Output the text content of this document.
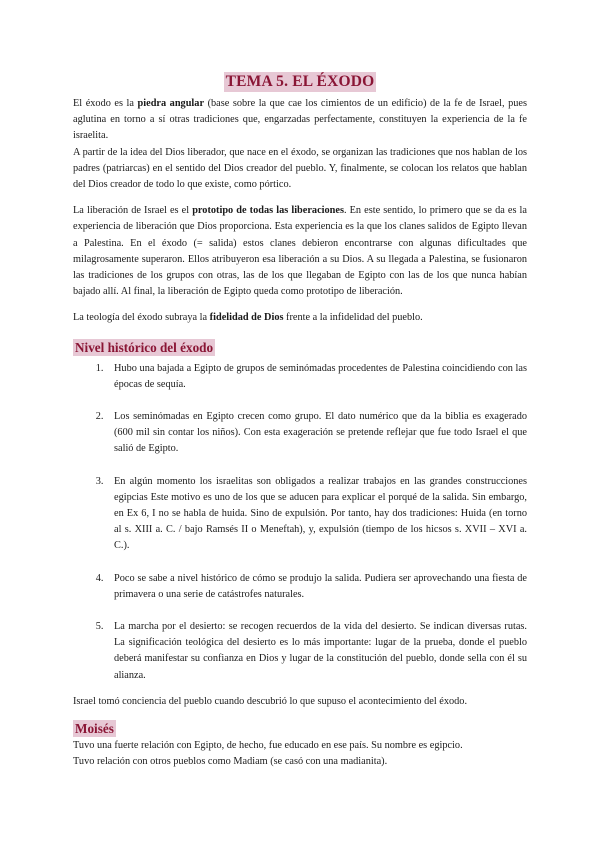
TEMA 5. EL ÉXODO

El éxodo es la piedra angular (base sobre la que cae los cimientos de un edificio) de la fe de Israel, pues aglutina en torno a sí otras tradiciones que, engarzadas perfectamente, constituyen la experiencia de la fe israelita.

A partir de la idea del Dios liberador, que nace en el éxodo, se organizan las tradiciones que nos hablan de los padres (patriarcas) en el sentido del Dios creador del pueblo. Y, finalmente, se colocan los relatos que hablan del Dios creador de todo lo que existe, como pórtico.

La liberación de Israel es el prototipo de todas las liberaciones. En este sentido, lo primero que se da es la experiencia de liberación que Dios proporciona. Esta experiencia es la que los clanes salidos de Egipto llevan a Palestina. En el éxodo (= salida) estos clanes debieron encontrarse con algunas dificultades que milagrosamente superaron. Ellos atribuyeron esa liberación a su Dios. A su llegada a Palestina, se fusionaron las tradiciones de los grupos con otras, las de los que llegaban de Egipto con las de los que nunca habían bajado allí. Al final, la liberación de Egipto queda como prototipo de liberación.

La teología del éxodo subraya la fidelidad de Dios frente a la infidelidad del pueblo.

Nivel histórico del éxodo
1. Hubo una bajada a Egipto de grupos de seminómadas procedentes de Palestina coincidiendo con las épocas de sequía.
2. Los seminómadas en Egipto crecen como grupo. El dato numérico que da la biblia es exagerado (600 mil sin contar los niños). Con esta exageración se pretende reflejar que fue todo Israel el que salió de Egipto.
3. En algún momento los israelitas son obligados a realizar trabajos en las grandes construcciones egipcias Este motivo es uno de los que se aducen para explicar el porqué de la salida. Sin embargo, en Ex 6, I no se habla de huida. Sino de expulsión. Por tanto, hay dos tradiciones: Huida (en torno al s. XIII a. C. / bajo Ramsés II o Meneftah), y, expulsión (tiempo de los hicsos s. XVII – XVI a. C.).
4. Poco se sabe a nivel histórico de cómo se produjo la salida. Pudiera ser aprovechando una fiesta de primavera o una serie de catástrofes naturales.
5. La marcha por el desierto: se recogen recuerdos de la vida del desierto. Se indican diversas rutas. La significación teológica del desierto es lo más importante: lugar de la prueba, donde el pueblo deberá manifestar su confianza en Dios y lugar de la constitución del pueblo, donde sella con él su alianza.

Israel tomó conciencia del pueblo cuando descubrió lo que supuso el acontecimiento del éxodo.

Moisés

Tuvo una fuerte relación con Egipto, de hecho, fue educado en ese país. Su nombre es egipcio.

Tuvo relación con otros pueblos como Madiam (se casó con una madianita).
